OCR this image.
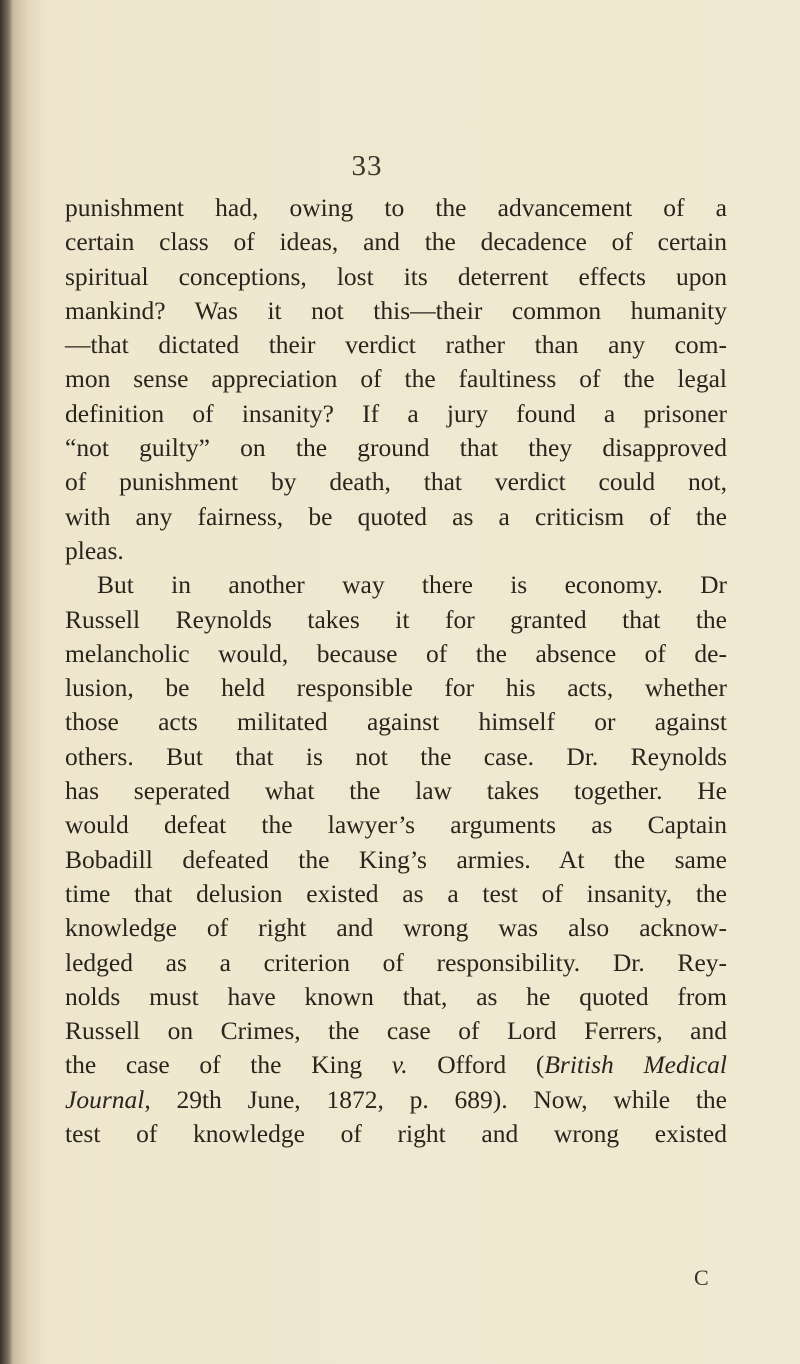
33
punishment had, owing to the advancement of a
certain class of ideas, and the decadence of certain
spiritual conceptions, lost its deterrent effects upon
mankind? Was it not this—their common humanity
—that dictated their verdict rather than any com-
mon sense appreciation of the faultiness of the legal
definition of insanity? If a jury found a prisoner
“not guilty” on the ground that they disapproved
of punishment by death, that verdict could not,
with any fairness, be quoted as a criticism of the
pleas.
But in another way there is economy. Dr
Russell Reynolds takes it for granted that the
melancholic would, because of the absence of de-
lusion, be held responsible for his acts, whether
those acts militated against himself or against
others. But that is not the case. Dr. Reynolds
has seperated what the law takes together. He
would defeat the lawyer’s arguments as Captain
Bobadill defeated the King’s armies. At the same
time that delusion existed as a test of insanity, the
knowledge of right and wrong was also acknow-
ledged as a criterion of responsibility. Dr. Rey-
nolds must have known that, as he quoted from
Russell on Crimes, the case of Lord Ferrers, and
the case of the King v. Offord (British Medical
Journal, 29th June, 1872, p. 689). Now, while the
test of knowledge of right and wrong existed
C
